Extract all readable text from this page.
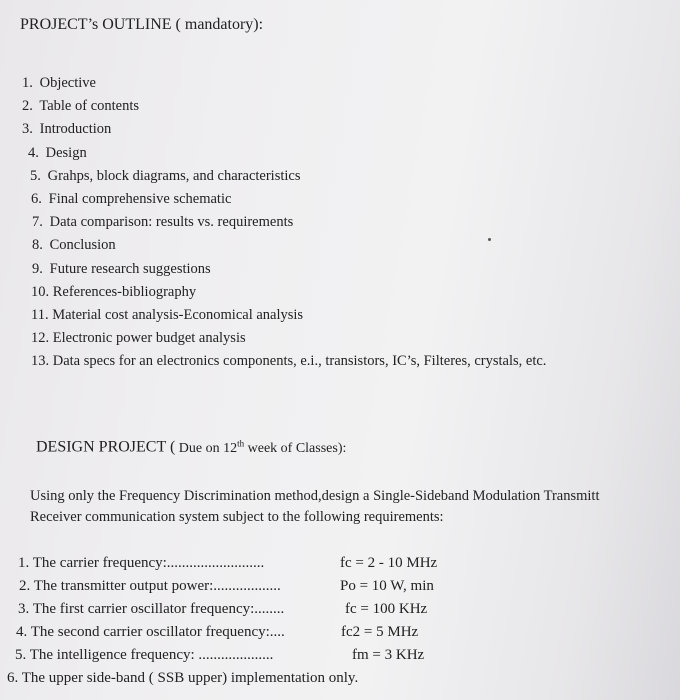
PROJECT’s OUTLINE ( mandatory):
1. Objective
2. Table of contents
3. Introduction
4. Design
5. Grahps, block diagrams, and characteristics
6. Final comprehensive schematic
7. Data comparison: results vs. requirements
8. Conclusion
9. Future research suggestions
10. References-bibliography
11. Material cost analysis-Economical analysis
12. Electronic power budget analysis
13. Data specs for an electronics components, e.i., transistors, IC’s, Filteres, crystals, etc.
DESIGN PROJECT ( Due on 12th week of Classes):
Using only the Frequency Discrimination method,design a Single-Sideband Modulation Transmitt
Receiver communication system subject to the following requirements:
1. The carrier frequency:..........................	fc = 2 - 10 MHz
2. The transmitter output power:..................	Po = 10 W, min
3. The first carrier oscillator frequency:........	fc = 100 KHz
4. The second carrier oscillator frequency:....	fc2 = 5 MHz
5. The intelligence frequency: ....................	fm = 3 KHz
6. The upper side-band ( SSB upper) implementation only.
